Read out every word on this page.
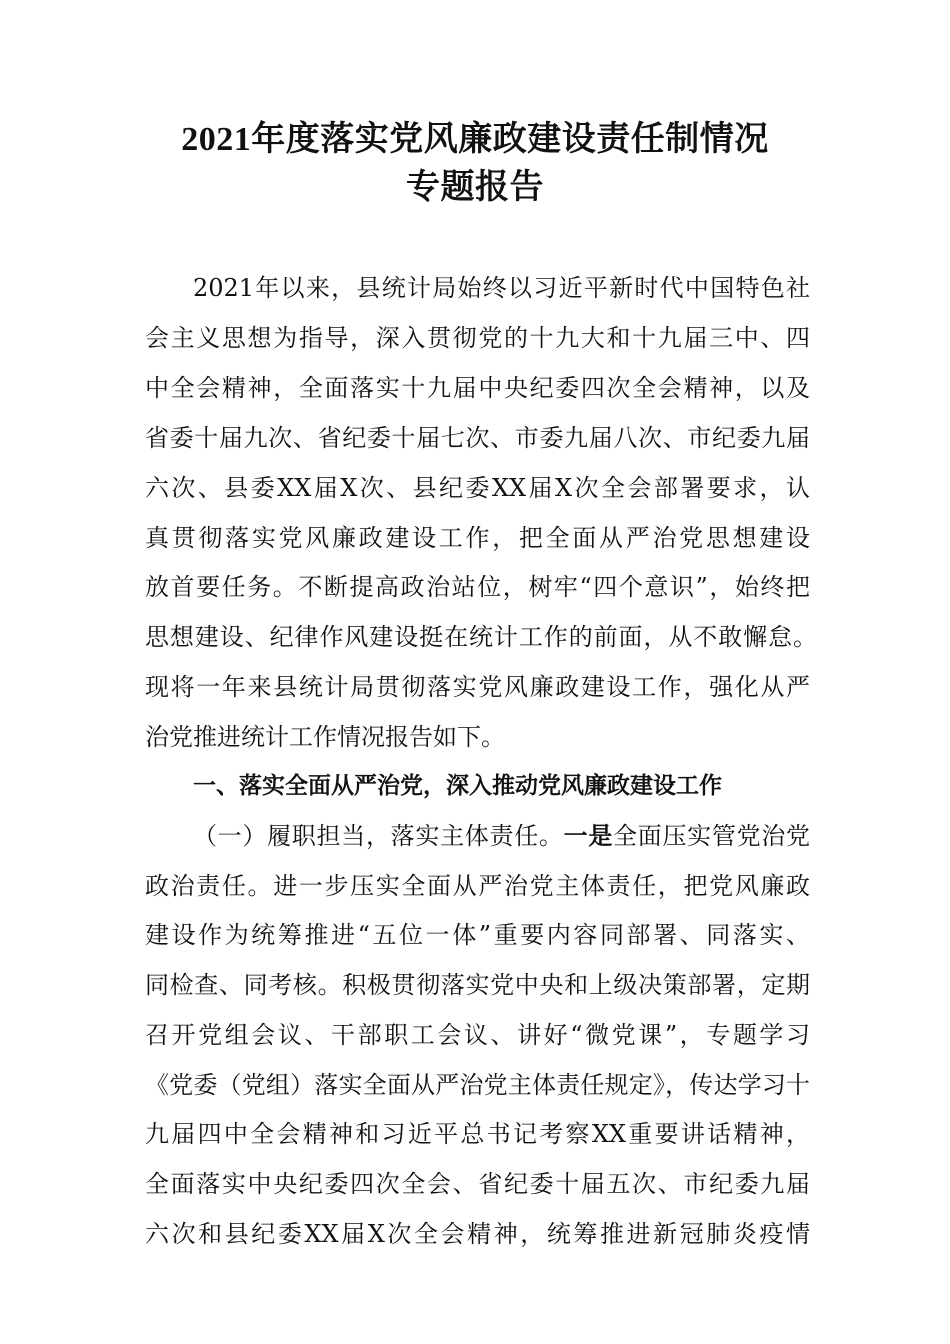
2021年度落实党风廉政建设责任制情况
专题报告
2021年以来，县统计局始终以习近平新时代中国特色社
会主义思想为指导，深入贯彻党的十九大和十九届三中、四
中全会精神，全面落实十九届中央纪委四次全会精神，以及
省委十届九次、省纪委十届七次、市委九届八次、市纪委九届
六次、县委XX届X次、县纪委XX届X次全会部署要求，认
真贯彻落实党风廉政建设工作，把全面从严治党思想建设
放首要任务。不断提高政治站位，树牢“四个意识”，始终把
思想建设、纪律作风建设挺在统计工作的前面，从不敢懈怠。
现将一年来县统计局贯彻落实党风廉政建设工作，强化从严
治党推进统计工作情况报告如下。
一、落实全面从严治党，深入推动党风廉政建设工作
（一）履职担当，落实主体责任。一是全面压实管党治党
政治责任。进一步压实全面从严治党主体责任，把党风廉政
建设作为统筹推进“五位一体”重要内容同部署、同落实、
同检查、同考核。积极贯彻落实党中央和上级决策部署，定期
召开党组会议、干部职工会议、讲好“微党课”，专题学习
《党委（党组）落实全面从严治党主体责任规定》，传达学习十
九届四中全会精神和习近平总书记考察XX重要讲话精神，
全面落实中央纪委四次全会、省纪委十届五次、市纪委九届
六次和县纪委XX届X次全会精神，统筹推进新冠肺炎疫情
